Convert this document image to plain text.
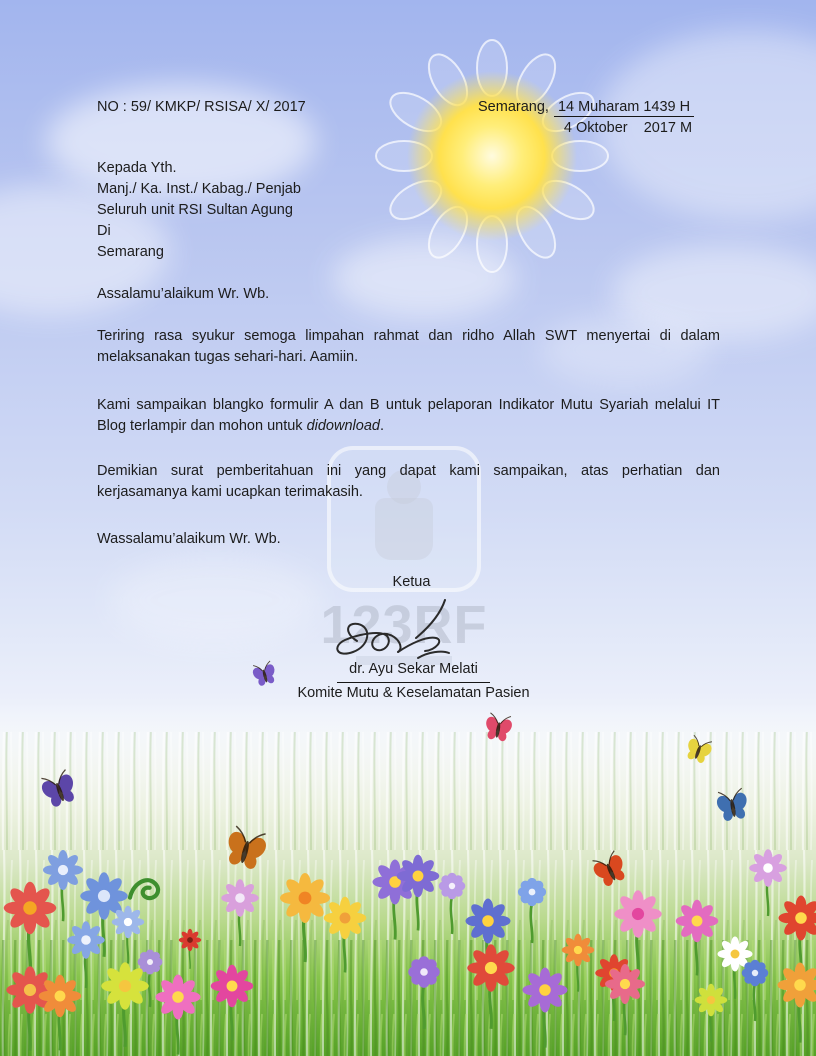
123RF
NO : 59/ KMKP/ RSISA/ X/ 2017	Semarang, 14 Muharam 1439 H
4 Oktober    2017 M
Kepada Yth.
Manj./ Ka. Inst./ Kabag./ Penjab
Seluruh unit RSI Sultan Agung
Di
Semarang
Assalamu’alaikum Wr. Wb.
Teriring rasa syukur semoga limpahan rahmat dan ridho Allah SWT menyertai di dalam melaksanakan tugas sehari-hari. Aamiin.
Kami sampaikan blangko formulir A dan B untuk pelaporan Indikator Mutu Syariah melalui IT Blog terlampir dan mohon untuk didownload.
Demikian surat pemberitahuan ini yang dapat kami sampaikan, atas perhatian dan kerjasamanya kami ucapkan terimakasih.
Wassalamu’alaikum Wr. Wb.
Ketua
dr. Ayu Sekar Melati
Komite Mutu & Keselamatan Pasien
